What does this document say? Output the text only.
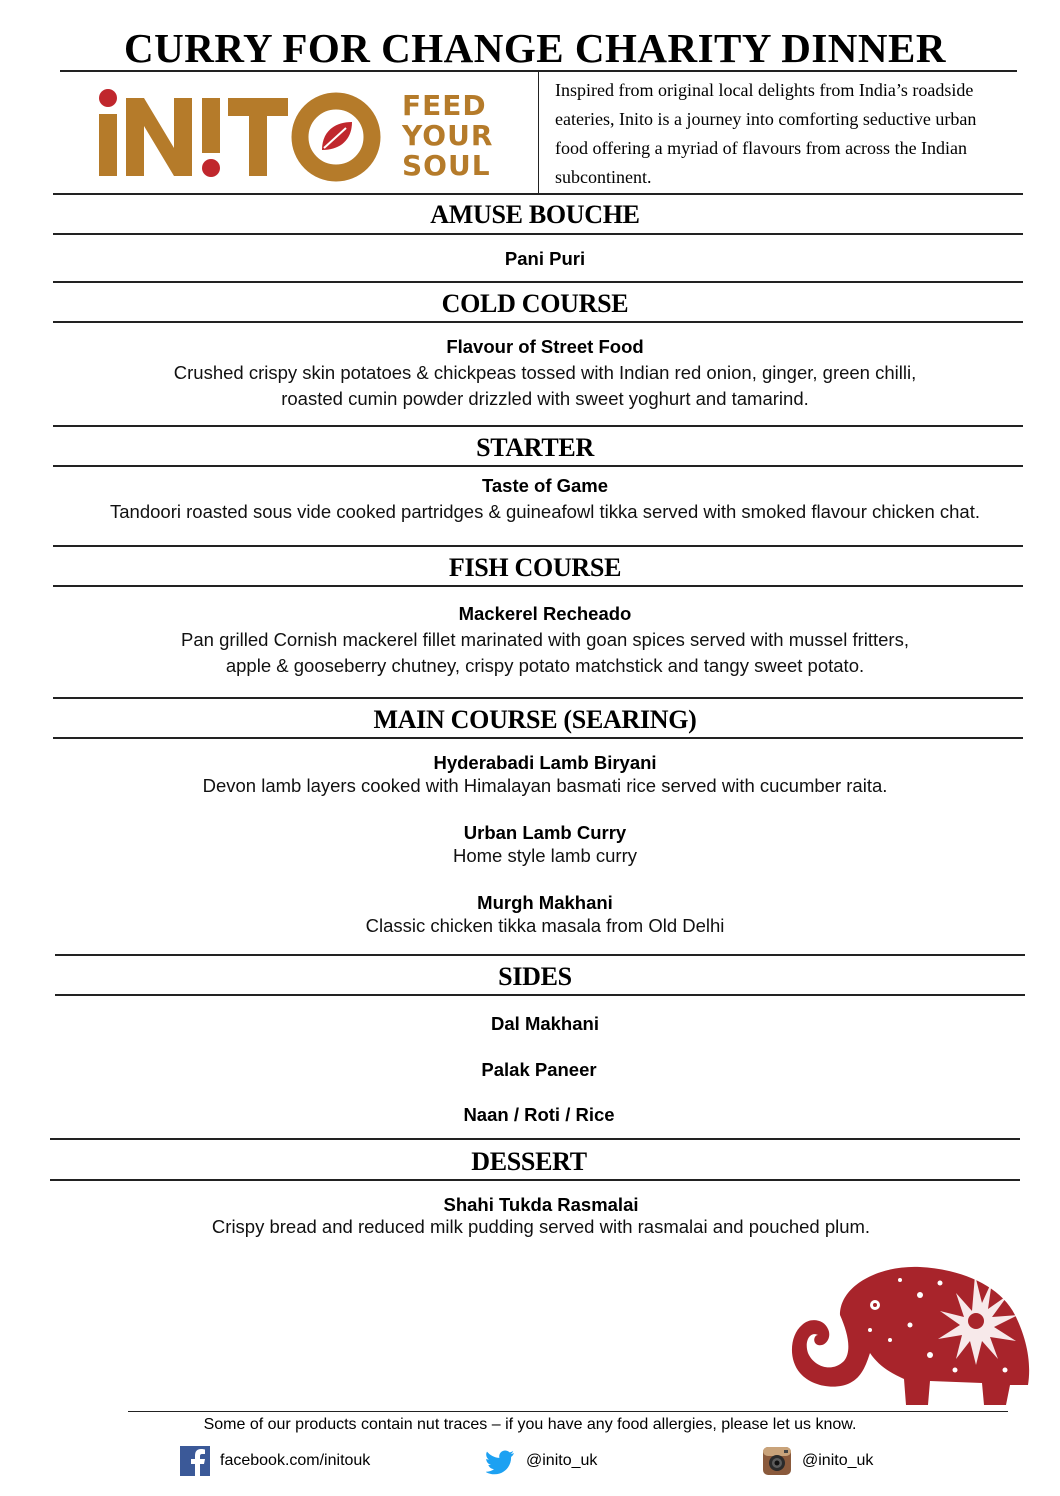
CURRY FOR CHANGE CHARITY DINNER
FEED
YOUR
SOUL
Inspired from original local delights from India’s roadside
eateries, Inito is a journey into comforting seductive urban
food offering a myriad of flavours from across the Indian
subcontinent.
AMUSE BOUCHE
Pani Puri
COLD COURSE
Flavour of Street Food
Crushed crispy skin potatoes & chickpeas tossed with Indian red onion, ginger, green chilli,
roasted cumin powder drizzled with sweet yoghurt and tamarind.
STARTER
Taste of Game
Tandoori roasted sous vide cooked partridges & guineafowl tikka served with smoked flavour chicken chat.
FISH COURSE
Mackerel Recheado
Pan grilled Cornish mackerel fillet marinated with goan spices served with mussel fritters,
apple & gooseberry chutney, crispy potato matchstick and tangy sweet potato.
MAIN COURSE (SEARING)
Hyderabadi Lamb Biryani
Devon lamb layers cooked with Himalayan basmati rice served with cucumber raita.
Urban Lamb Curry
Home style lamb curry
Murgh Makhani
Classic chicken tikka masala from Old Delhi
SIDES
Dal Makhani
Palak Paneer
Naan / Roti / Rice
DESSERT
Shahi Tukda Rasmalai
Crispy bread and reduced milk pudding served with rasmalai and pouched plum.
Some of our products contain nut traces – if you have any food allergies, please let us know.
facebook.com/initouk	@inito_uk	@inito_uk
